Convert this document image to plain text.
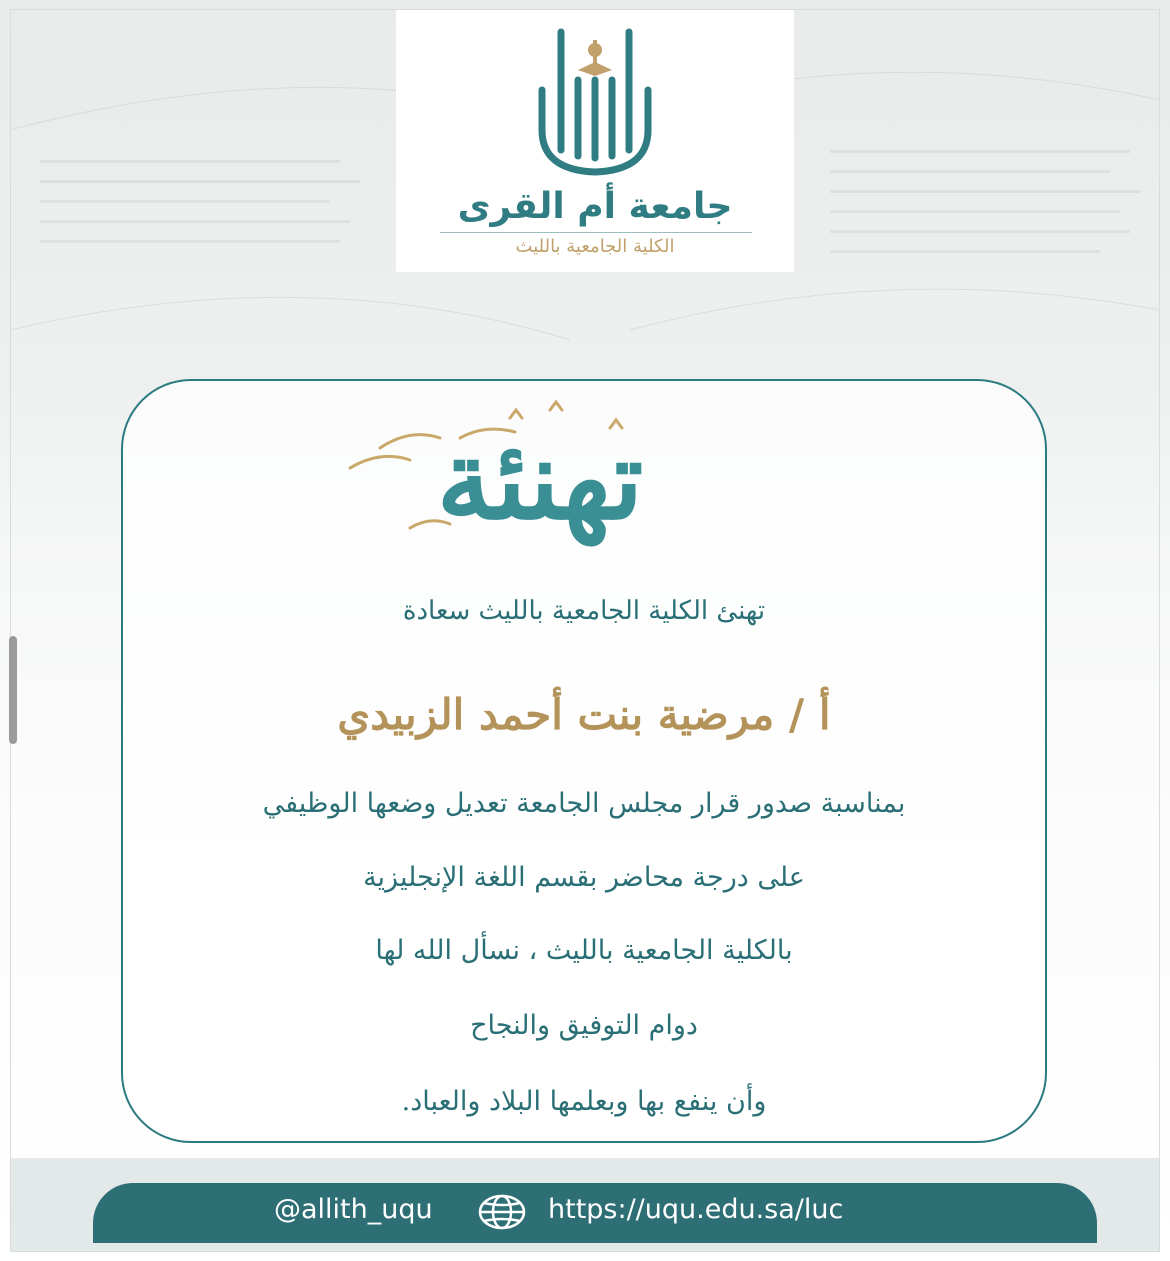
جامعة أم القرى
الكلية الجامعية بالليث
تهنئة
تهنئ الكلية الجامعية بالليث سعادة
أ / مرضية بنت أحمد الزبيدي
بمناسبة صدور قرار مجلس الجامعة تعديل وضعها الوظيفي
على درجة محاضر بقسم اللغة الإنجليزية
بالكلية الجامعية بالليث ، نسأل الله لها
دوام التوفيق والنجاح
وأن ينفع بها وبعلمها البلاد والعباد.
@allith_uqu	https://uqu.edu.sa/luc
